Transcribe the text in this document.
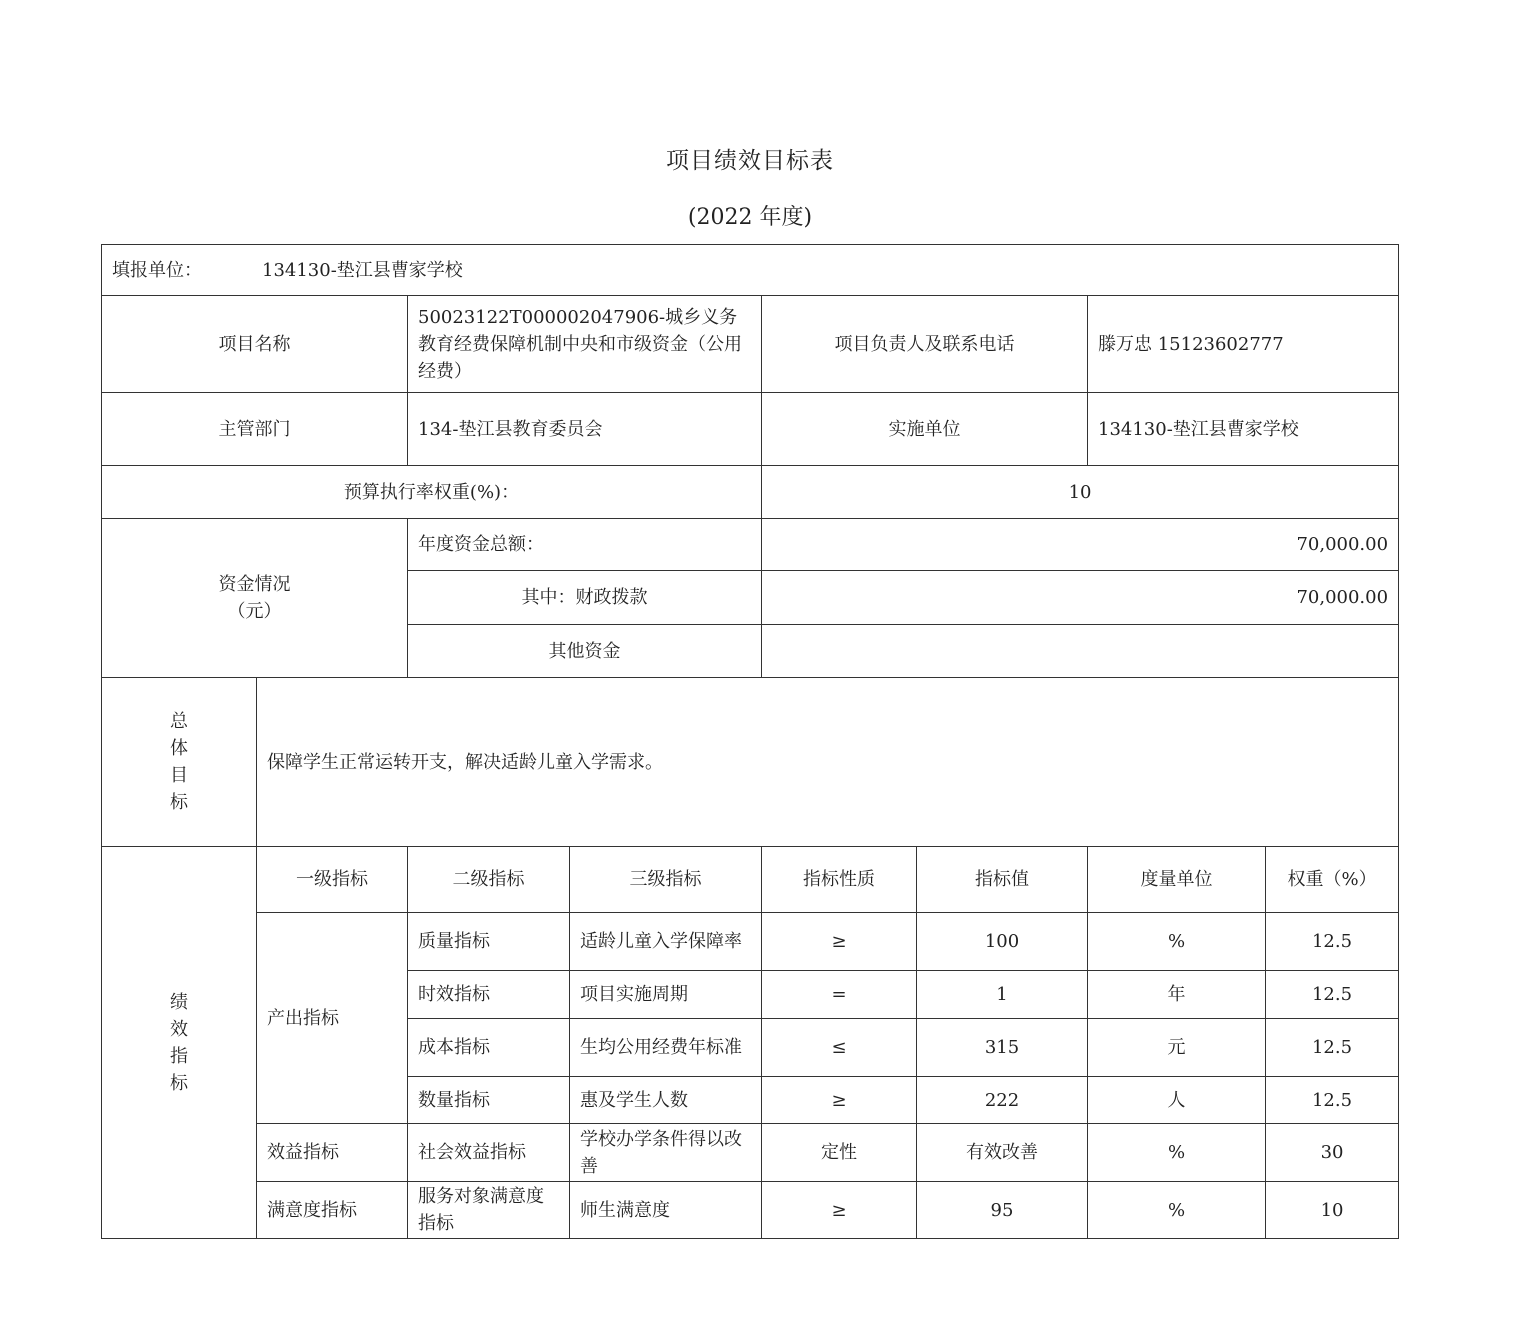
项目绩效目标表
(2022 年度)
填报单位： 134130-垫江县曹家学校							
项目名称		50023122T000002047906-城乡义务教育经费保障机制中央和市级资金（公用经费）		项目负责人及联系电话		滕万忠 15123602777	
主管部门		134-垫江县教育委员会		实施单位		134130-垫江县曹家学校	
预算执行率权重(%)：				10			

资金情况
（元）		年度资金总额：		70,000.00			
		其中：财政拨款		70,000.00			
		其他资金					

总
体
目
标	保障学生正常运转开支，解决适龄儿童入学需求。						

绩
效
指
标	一级指标	二级指标	三级指标	指标性质	指标值	度量单位	权重（%）
	产出指标	质量指标	适龄儿童入学保障率	≥	100	%	12.5
		时效指标	项目实施周期	=	1	年	12.5
		成本指标	生均公用经费年标准	≤	315	元	12.5
		数量指标	惠及学生人数	≥	222	人	12.5
	效益指标	社会效益指标	学校办学条件得以改善	定性	有效改善	%	30
	满意度指标	服务对象满意度指标	师生满意度	≥	95	%	10
